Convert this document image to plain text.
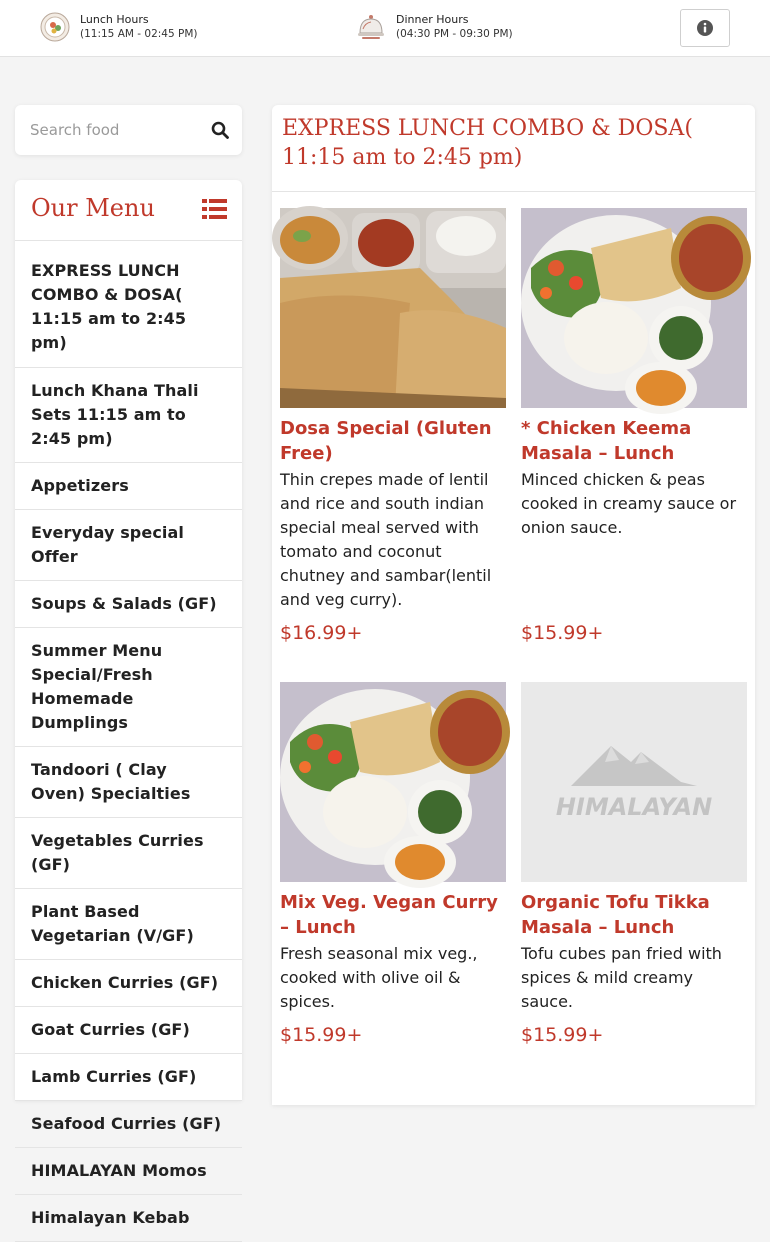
Lunch Hours
(11:15 AM - 02:45 PM)
Dinner Hours
(04:30 PM - 09:30 PM)
Search food
Our Menu
EXPRESS LUNCH COMBO & DOSA( 11:15 am to 2:45 pm)
Lunch Khana Thali Sets 11:15 am to 2:45 pm)
Appetizers
Everyday special Offer
Soups & Salads (GF)
Summer Menu Special/Fresh Homemade Dumplings
Tandoori ( Clay Oven) Specialties
Vegetables Curries (GF)
Plant Based Vegetarian (V/GF)
Chicken Curries (GF)
Goat Curries (GF)
Lamb Curries (GF)
Seafood Curries (GF)
HIMALAYAN Momos
Himalayan Kebab
EXPRESS LUNCH COMBO & DOSA( 11:15 am to 2:45 pm)
Dosa Special (Gluten Free)
Thin crepes made of lentil and rice and south indian special meal served with tomato and coconut chutney and sambar(lentil and veg curry).
$16.99+
* Chicken Keema Masala – Lunch
Minced chicken & peas cooked in creamy sauce or onion sauce.
$15.99+
Mix Veg. Vegan Curry – Lunch
Fresh seasonal mix veg., cooked with olive oil & spices.
$15.99+
HIMALAYAN
Organic Tofu Tikka Masala – Lunch
Tofu cubes pan fried with spices & mild creamy sauce.
$15.99+
